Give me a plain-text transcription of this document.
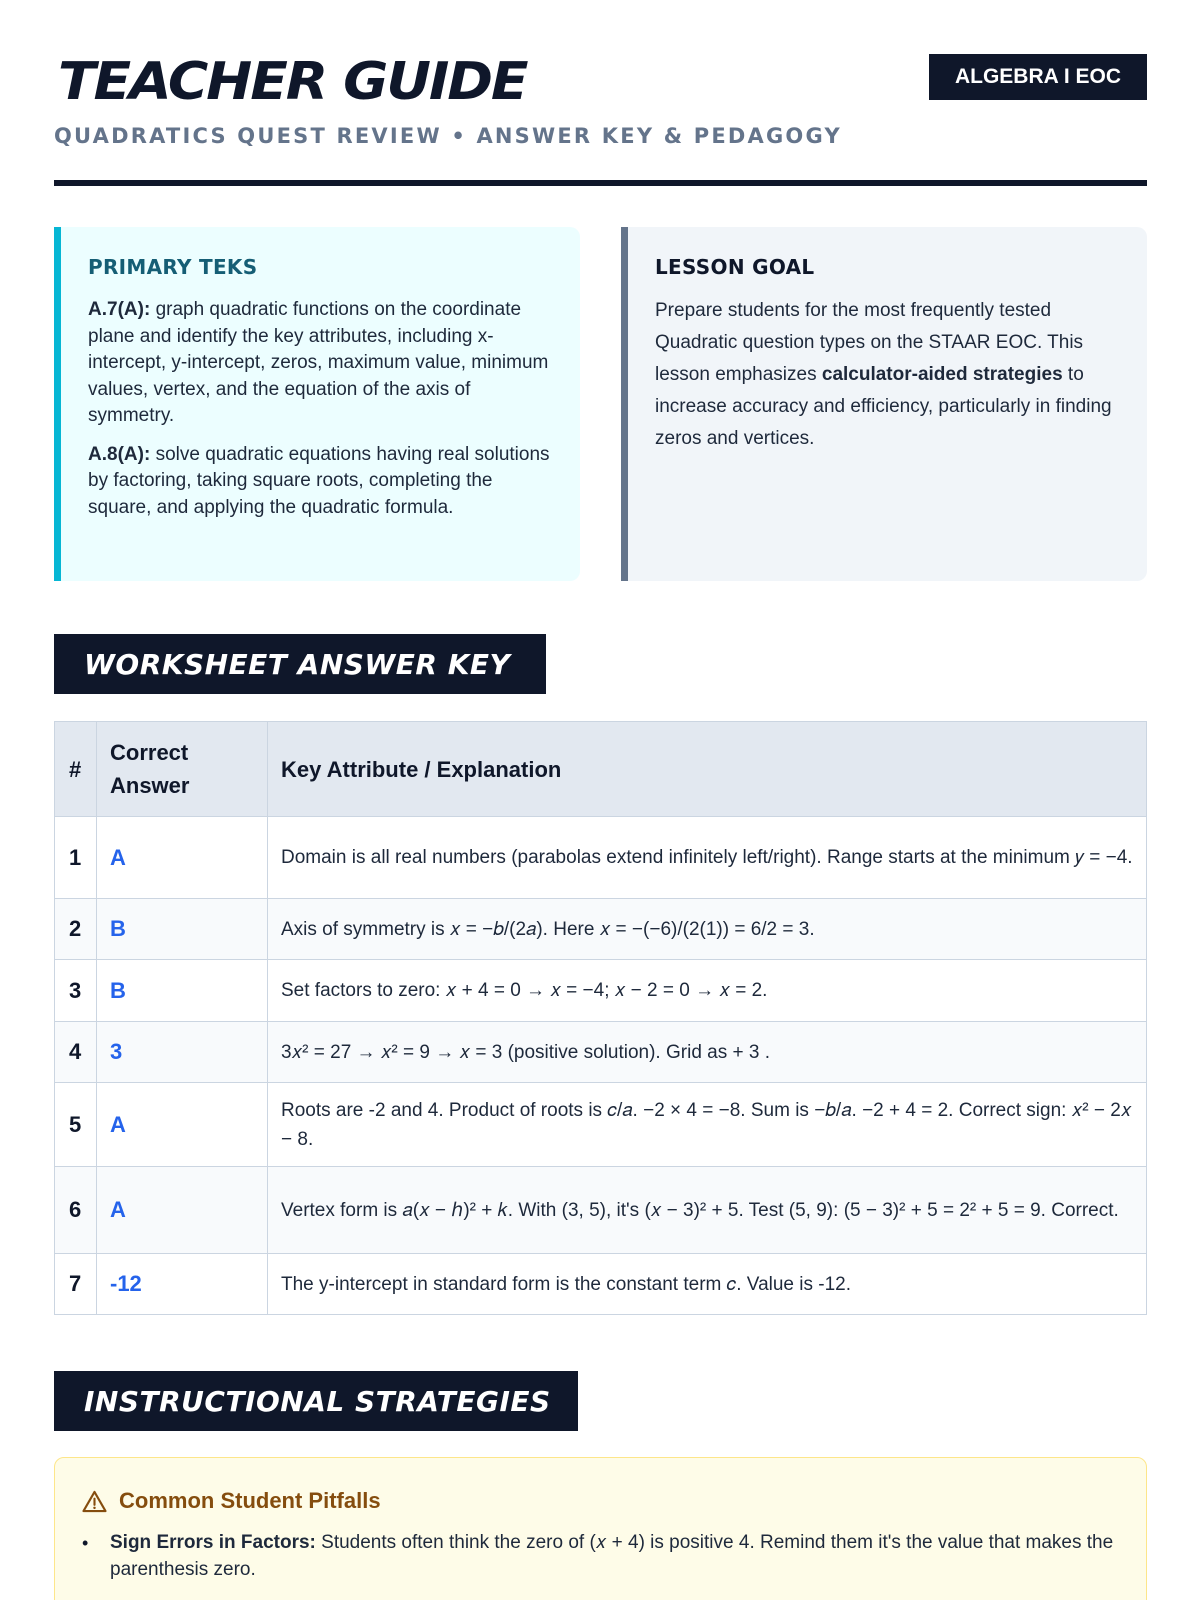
TEACHER GUIDE
QUADRATICS QUEST REVIEW • ANSWER KEY & PEDAGOGY
ALGEBRA I EOC
PRIMARY TEKS

A.7(A): graph quadratic functions on the coordinate plane and identify the key attributes, including x-intercept, y-intercept, zeros, maximum value, minimum values, vertex, and the equation of the axis of symmetry.

A.8(A): solve quadratic equations having real solutions by factoring, taking square roots, completing the square, and applying the quadratic formula.

LESSON GOAL

Prepare students for the most frequently tested Quadratic question types on the STAAR EOC. This lesson emphasizes calculator-aided strategies to increase accuracy and efficiency, particularly in finding zeros and vertices.

WORKSHEET ANSWER KEY
#	Correct Answer	Key Attribute / Explanation
1	A	Domain is all real numbers (parabolas extend infinitely left/right). Range starts at the minimum 𝑦 = −4.
2	B	Axis of symmetry is 𝑥 = −𝑏/(2𝑎). Here 𝑥 = −(−6)/(2(1)) = 6/2 = 3.
3	B	Set factors to zero: 𝑥 + 4 = 0 → 𝑥 = −4; 𝑥 − 2 = 0 → 𝑥 = 2.
4	3	3𝑥² = 27 → 𝑥² = 9 → 𝑥 = 3 (positive solution). Grid as + 3 .
5	A	Roots are -2 and 4. Product of roots is 𝑐/𝑎. −2 × 4 = −8. Sum is −𝑏/𝑎. −2 + 4 = 2. Correct sign: 𝑥² − 2𝑥 − 8.
6	A	Vertex form is 𝑎(𝑥 − ℎ)² + 𝑘. With (3, 5), it's (𝑥 − 3)² + 5. Test (5, 9): (5 − 3)² + 5 = 2² + 5 = 9. Correct.
7	-12	The y-intercept in standard form is the constant term 𝑐. Value is -12.
INSTRUCTIONAL STRATEGIES
Common Student Pitfalls
• Sign Errors in Factors: Students often think the zero of (𝑥 + 4) is positive 4. Remind them it's the value that makes the parenthesis zero.
